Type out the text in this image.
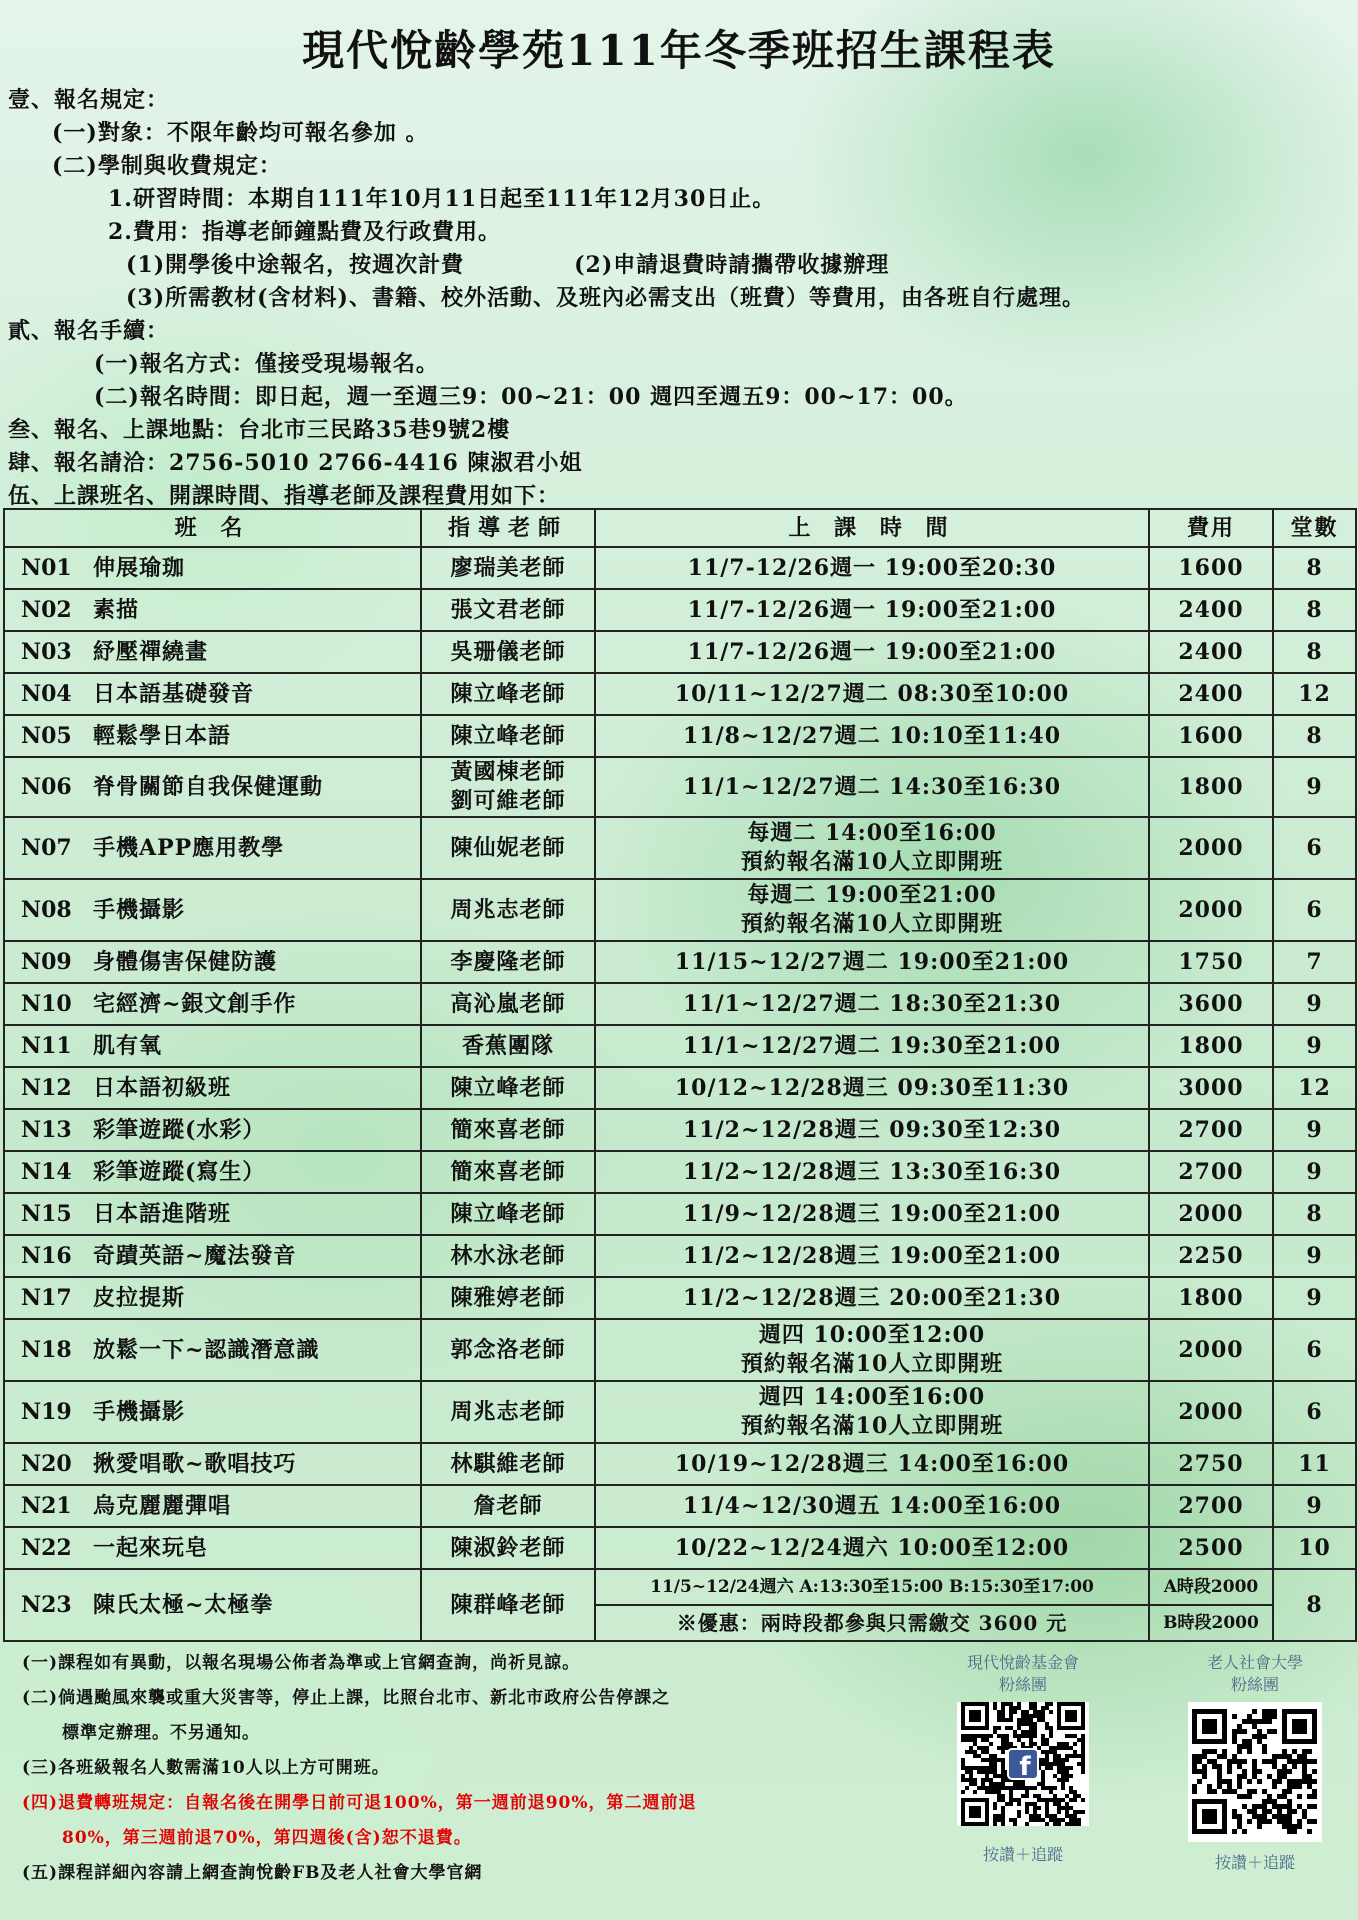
現代悅齡學苑111年冬季班招生課程表
壹、報名規定：
(一)對象：不限年齡均可報名參加 。
(二)學制與收費規定：
1.研習時間：本期自111年10月11日起至111年12月30日止。
2.費用：指導老師鐘點費及行政費用。
(1)開學後中途報名，按週次計費	(2)申請退費時請攜帶收據辦理
(3)所需教材(含材料)、書籍、校外活動、及班內必需支出（班費）等費用，由各班自行處理。
貳、報名手續：
(一)報名方式：僅接受現場報名。
(二)報名時間：即日起，週一至週三9：00~21：00 週四至週五9：00~17：00。
叁、報名、上課地點：台北市三民路35巷9號2樓
肆、報名請洽：2756-5010 2766-4416 陳淑君小姐
伍、上課班名、開課時間、指導老師及課程費用如下：
班 名	指導老師	上 課 時 間	費用	堂數
N01 伸展瑜珈	廖瑞美老師	11/7-12/26週一 19:00至20:30	1600	8
N02 素描	張文君老師	11/7-12/26週一 19:00至21:00	2400	8
N03 紓壓禪繞畫	吳珊儀老師	11/7-12/26週一 19:00至21:00	2400	8
N04 日本語基礎發音	陳立峰老師	10/11~12/27週二 08:30至10:00	2400	12
N05 輕鬆學日本語	陳立峰老師	11/8~12/27週二 10:10至11:40	1600	8
N06 脊骨關節自我保健運動	黃國棟老師
劉可維老師	11/1~12/27週二 14:30至16:30	1800	9
N07 手機APP應用教學	陳仙妮老師	每週二 14:00至16:00
預約報名滿10人立即開班	2000	6
N08 手機攝影	周兆志老師	每週二 19:00至21:00
預約報名滿10人立即開班	2000	6
N09 身體傷害保健防護	李慶隆老師	11/15~12/27週二 19:00至21:00	1750	7
N10 宅經濟~銀文創手作	高沁嵐老師	11/1~12/27週二 18:30至21:30	3600	9
N11 肌有氧	香蕉團隊	11/1~12/27週二 19:30至21:00	1800	9
N12 日本語初級班	陳立峰老師	10/12~12/28週三 09:30至11:30	3000	12
N13 彩筆遊蹤(水彩）	簡來喜老師	11/2~12/28週三 09:30至12:30	2700	9
N14 彩筆遊蹤(寫生）	簡來喜老師	11/2~12/28週三 13:30至16:30	2700	9
N15 日本語進階班	陳立峰老師	11/9~12/28週三 19:00至21:00	2000	8
N16 奇蹟英語~魔法發音	林水泳老師	11/2~12/28週三 19:00至21:00	2250	9
N17 皮拉提斯	陳雅婷老師	11/2~12/28週三 20:00至21:30	1800	9
N18 放鬆一下~認識潛意識	郭念洛老師	週四 10:00至12:00
預約報名滿10人立即開班	2000	6
N19 手機攝影	周兆志老師	週四 14:00至16:00
預約報名滿10人立即開班	2000	6
N20 揪愛唱歌~歌唱技巧	林騏維老師	10/19~12/28週三 14:00至16:00	2750	11
N21 烏克麗麗彈唱	詹老師	11/4~12/30週五 14:00至16:00	2700	9
N22 一起來玩皂	陳淑鈴老師	10/22~12/24週六 10:00至12:00	2500	10
N23 陳氏太極~太極拳	陳群峰老師	11/5~12/24週六 A:13:30至15:00 B:15:30至17:00	A時段2000	8
		※優惠：兩時段都參與只需繳交 3600 元	B時段2000	
(一)課程如有異動，以報名現場公佈者為準或上官網查詢，尚祈見諒。
(二)倘遇颱風來襲或重大災害等，停止上課，比照台北市、新北市政府公告停課之
標準定辦理。不另通知。
(三)各班級報名人數需滿10人以上方可開班。
(四)退費轉班規定：自報名後在開學日前可退100%，第一週前退90%，第二週前退
80%，第三週前退70%，第四週後(含)恕不退費。
(五)課程詳細內容請上網查詢悅齡FB及老人社會大學官網
現代悅齡基金會
粉絲團
f
按讚＋追蹤
老人社會大學
粉絲團
按讚＋追蹤
